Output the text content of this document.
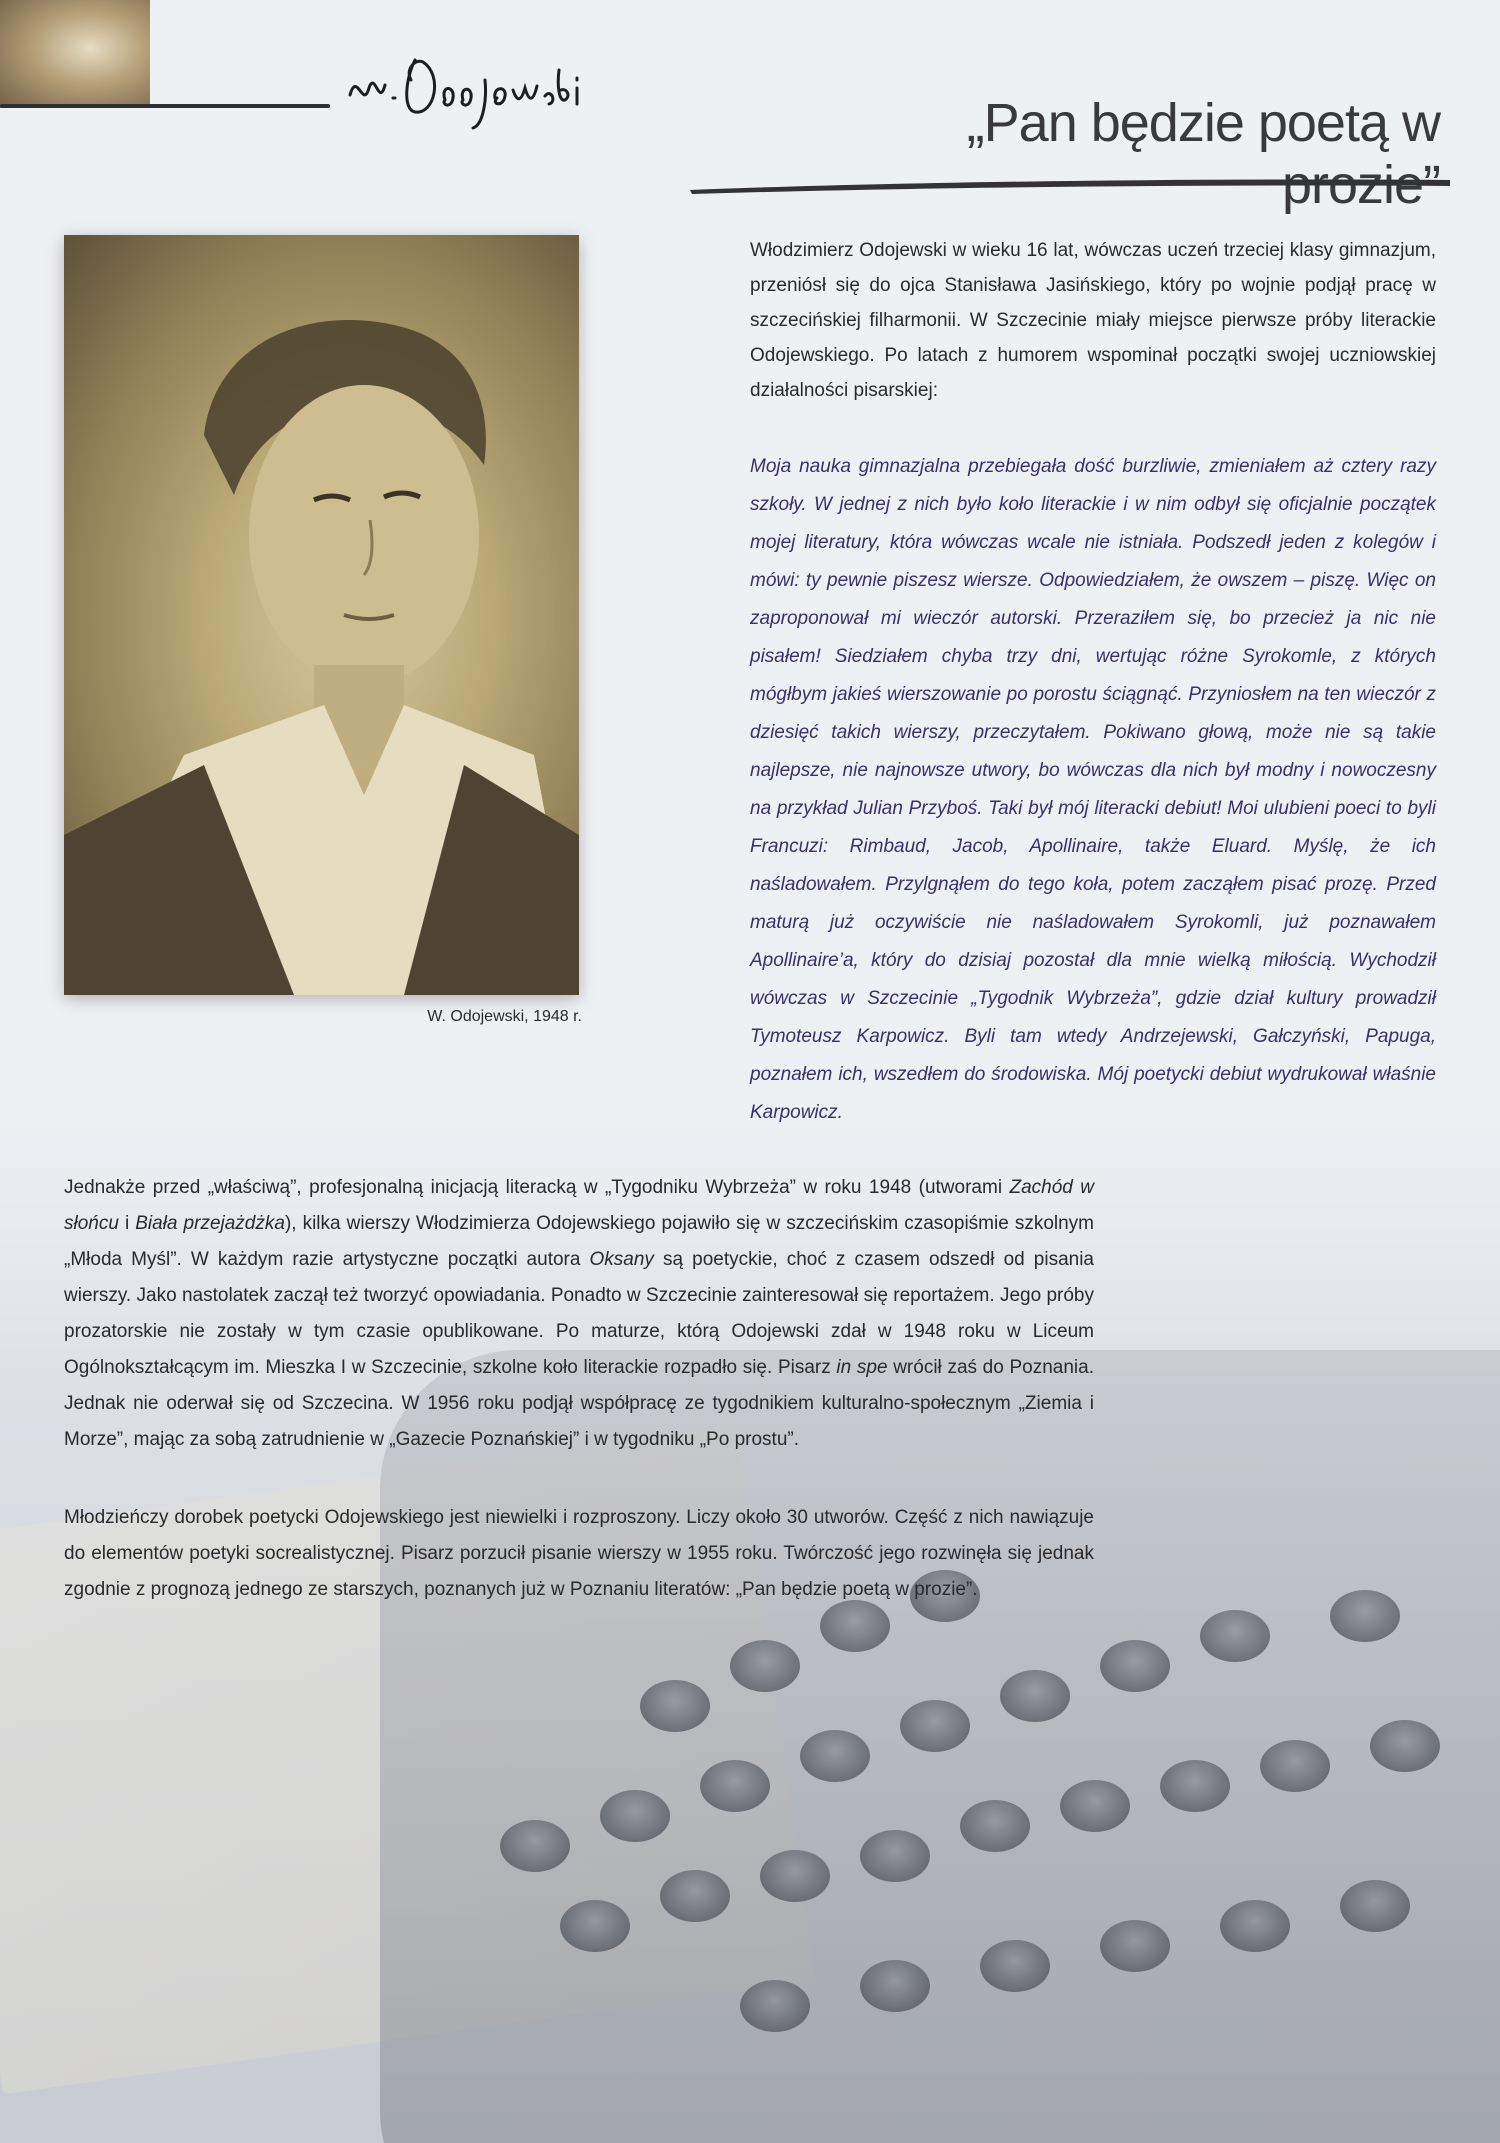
„Pan będzie poetą w prozie”
W. Odojewski, 1948 r.

Włodzimierz Odojewski w wieku 16 lat, wówczas uczeń trzeciej klasy gimnazjum, przeniósł się do ojca Stanisława Jasińskiego, który po wojnie podjął pracę w szczecińskiej filharmonii. W Szczecinie miały miejsce pierwsze próby literackie Odojewskiego. Po latach z humorem wspominał początki swojej uczniowskiej działalności pisarskiej:

Moja nauka gimnazjalna przebiegała dość burzliwie, zmieniałem aż cztery razy szkoły. W jednej z nich było koło literackie i w nim odbył się oficjalnie początek mojej literatury, która wówczas wcale nie istniała. Podszedł jeden z kolegów i mówi: ty pewnie piszesz wiersze. Odpowiedziałem, że owszem – piszę. Więc on zaproponował mi wieczór autorski. Przeraziłem się, bo przecież ja nic nie pisałem! Siedziałem chyba trzy dni, wertując różne Syrokomle, z których mógłbym jakieś wierszowanie po porostu ściągnąć. Przyniosłem na ten wieczór z dziesięć takich wierszy, przeczytałem. Pokiwano głową, może nie są takie najlepsze, nie najnowsze utwory, bo wówczas dla nich był modny i nowoczesny na przykład Julian Przyboś. Taki był mój literacki debiut! Moi ulubieni poeci to byli Francuzi: Rimbaud, Jacob, Apollinaire, także Eluard. Myślę, że ich naśladowałem. Przylgnąłem do tego koła, potem zacząłem pisać prozę. Przed maturą już oczywiście nie naśladowałem Syrokomli, już poznawałem Apollinaire’a, który do dzisiaj pozostał dla mnie wielką miłością. Wychodził wówczas w Szczecinie „Tygodnik Wybrzeża”, gdzie dział kultury prowadził Tymoteusz Karpowicz. Byli tam wtedy Andrzejewski, Gałczyński, Papuga, poznałem ich, wszedłem do środowiska. Mój poetycki debiut wydrukował właśnie Karpowicz.

Jednakże przed „właściwą”, profesjonalną inicjacją literacką w „Tygodniku Wybrzeża” w roku 1948 (utworami Zachód w słońcu i Biała przejażdżka), kilka wierszy Włodzimierza Odojewskiego pojawiło się w szczecińskim czasopiśmie szkolnym „Młoda Myśl”. W każdym razie artystyczne początki autora Oksany są poetyckie, choć z czasem odszedł od pisania wierszy. Jako nastolatek zaczął też tworzyć opowiadania. Ponadto w Szczecinie zainteresował się reportażem. Jego próby prozatorskie nie zostały w tym czasie opublikowane. Po maturze, którą Odojewski zdał w 1948 roku w Liceum Ogólnokształcącym im. Mieszka I w Szczecinie, szkolne koło literackie rozpadło się. Pisarz in spe wrócił zaś do Poznania. Jednak nie oderwał się od Szczecina. W 1956 roku podjął współpracę ze tygodnikiem kulturalno-społecznym „Ziemia i Morze”, mając za sobą zatrudnienie w „Gazecie Poznańskiej” i w tygodniku „Po prostu”.

Młodzieńczy dorobek poetycki Odojewskiego jest niewielki i rozproszony. Liczy około 30 utworów. Część z nich nawiązuje do elementów poetyki socrealistycznej. Pisarz porzucił pisanie wierszy w 1955 roku. Twórczość jego rozwinęła się jednak zgodnie z prognozą jednego ze starszych, poznanych już w Poznaniu literatów: „Pan będzie poetą w prozie”.
